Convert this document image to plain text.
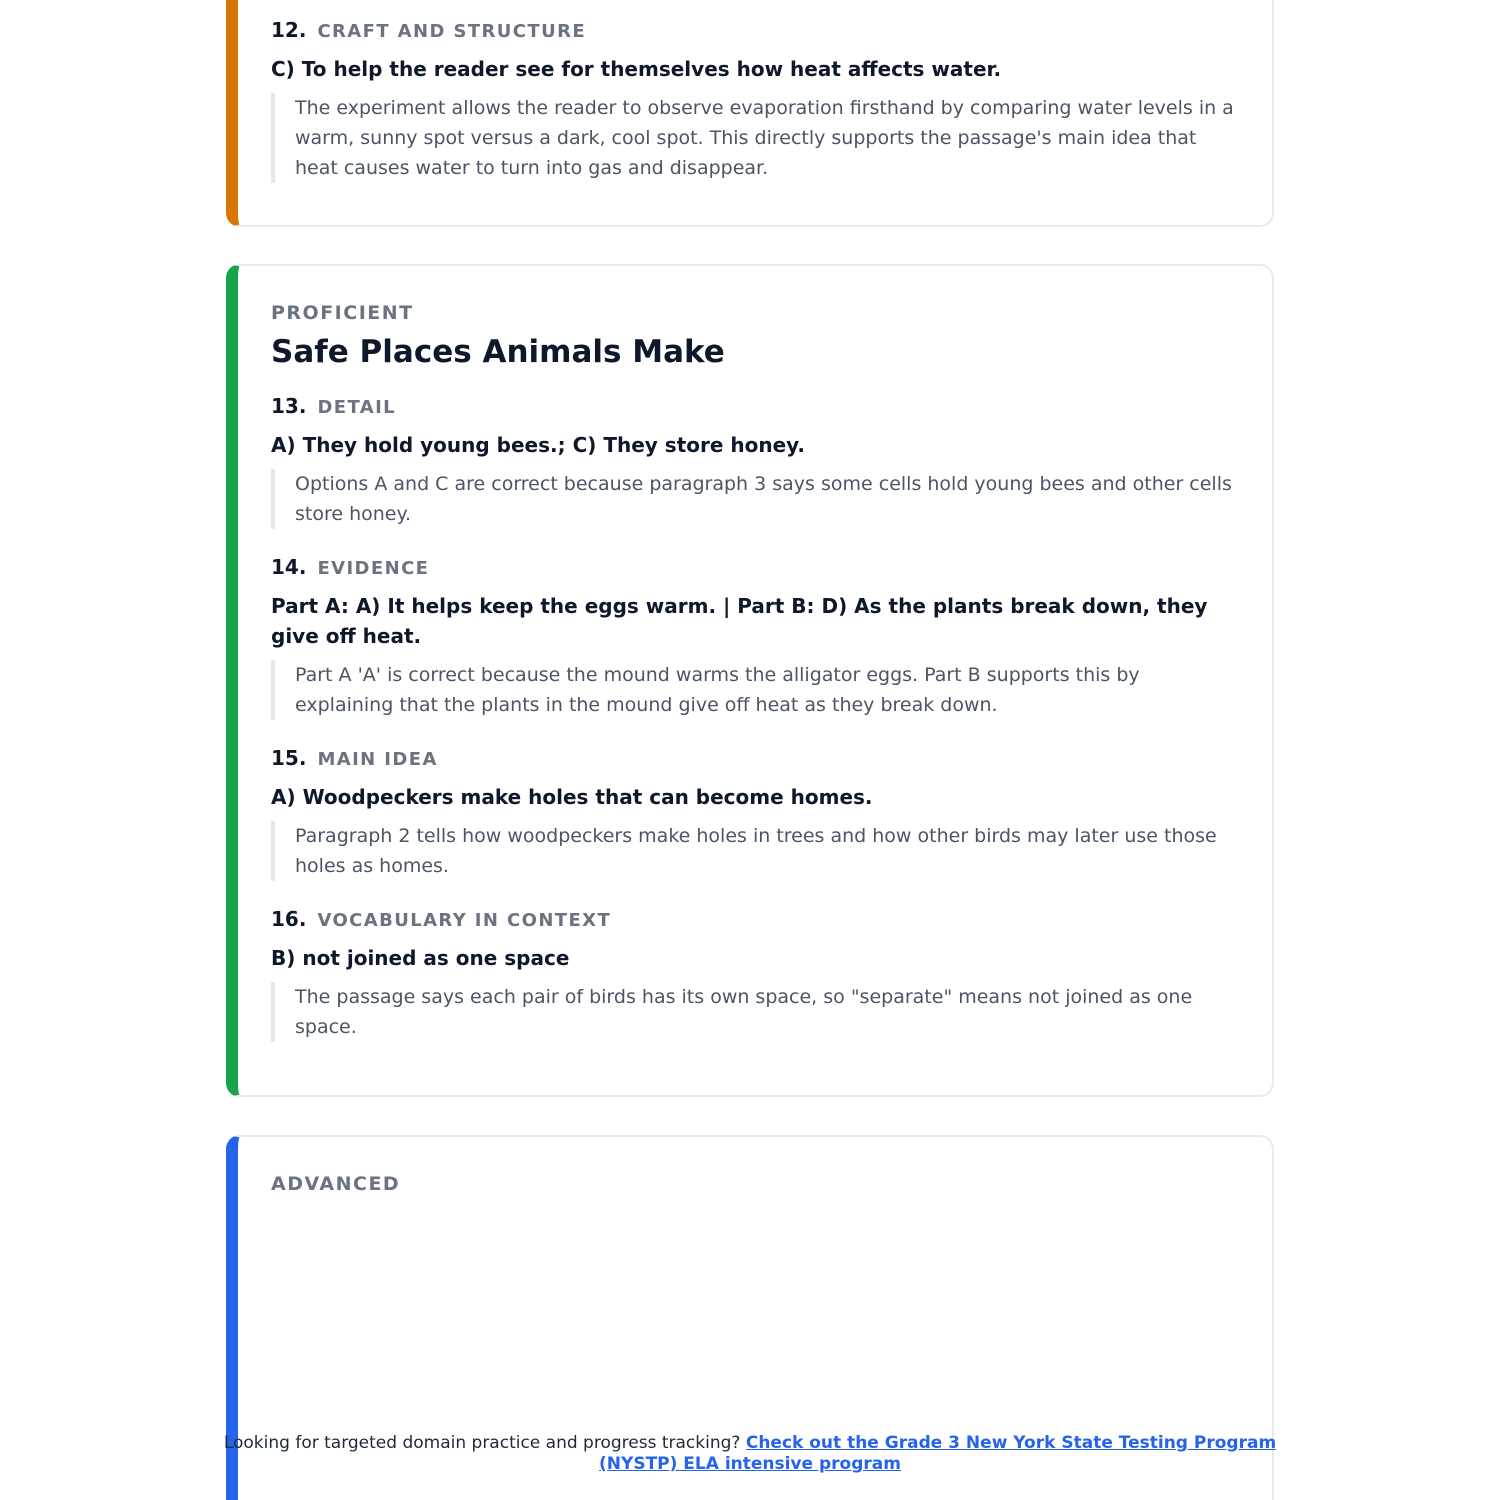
12. CRAFT AND STRUCTURE

C) To help the reader see for themselves how heat affects water.

The experiment allows the reader to observe evaporation firsthand by comparing water levels in a warm, sunny spot versus a dark, cool spot. This directly supports the passage's main idea that heat causes water to turn into gas and disappear.

PROFICIENT

Safe Places Animals Make
13. DETAIL

A) They hold young bees.; C) They store honey.

Options A and C are correct because paragraph 3 says some cells hold young bees and other cells store honey.

14. EVIDENCE

Part A: A) It helps keep the eggs warm. | Part B: D) As the plants break down, they give off heat.

Part A 'A' is correct because the mound warms the alligator eggs. Part B supports this by explaining that the plants in the mound give off heat as they break down.

15. MAIN IDEA

A) Woodpeckers make holes that can become homes.

Paragraph 2 tells how woodpeckers make holes in trees and how other birds may later use those holes as homes.

16. VOCABULARY IN CONTEXT

B) not joined as one space

The passage says each pair of birds has its own space, so "separate" means not joined as one space.

ADVANCED

Looking for targeted domain practice and progress tracking? Check out the Grade 3 New York State Testing Program (NYSTP) ELA intensive program
